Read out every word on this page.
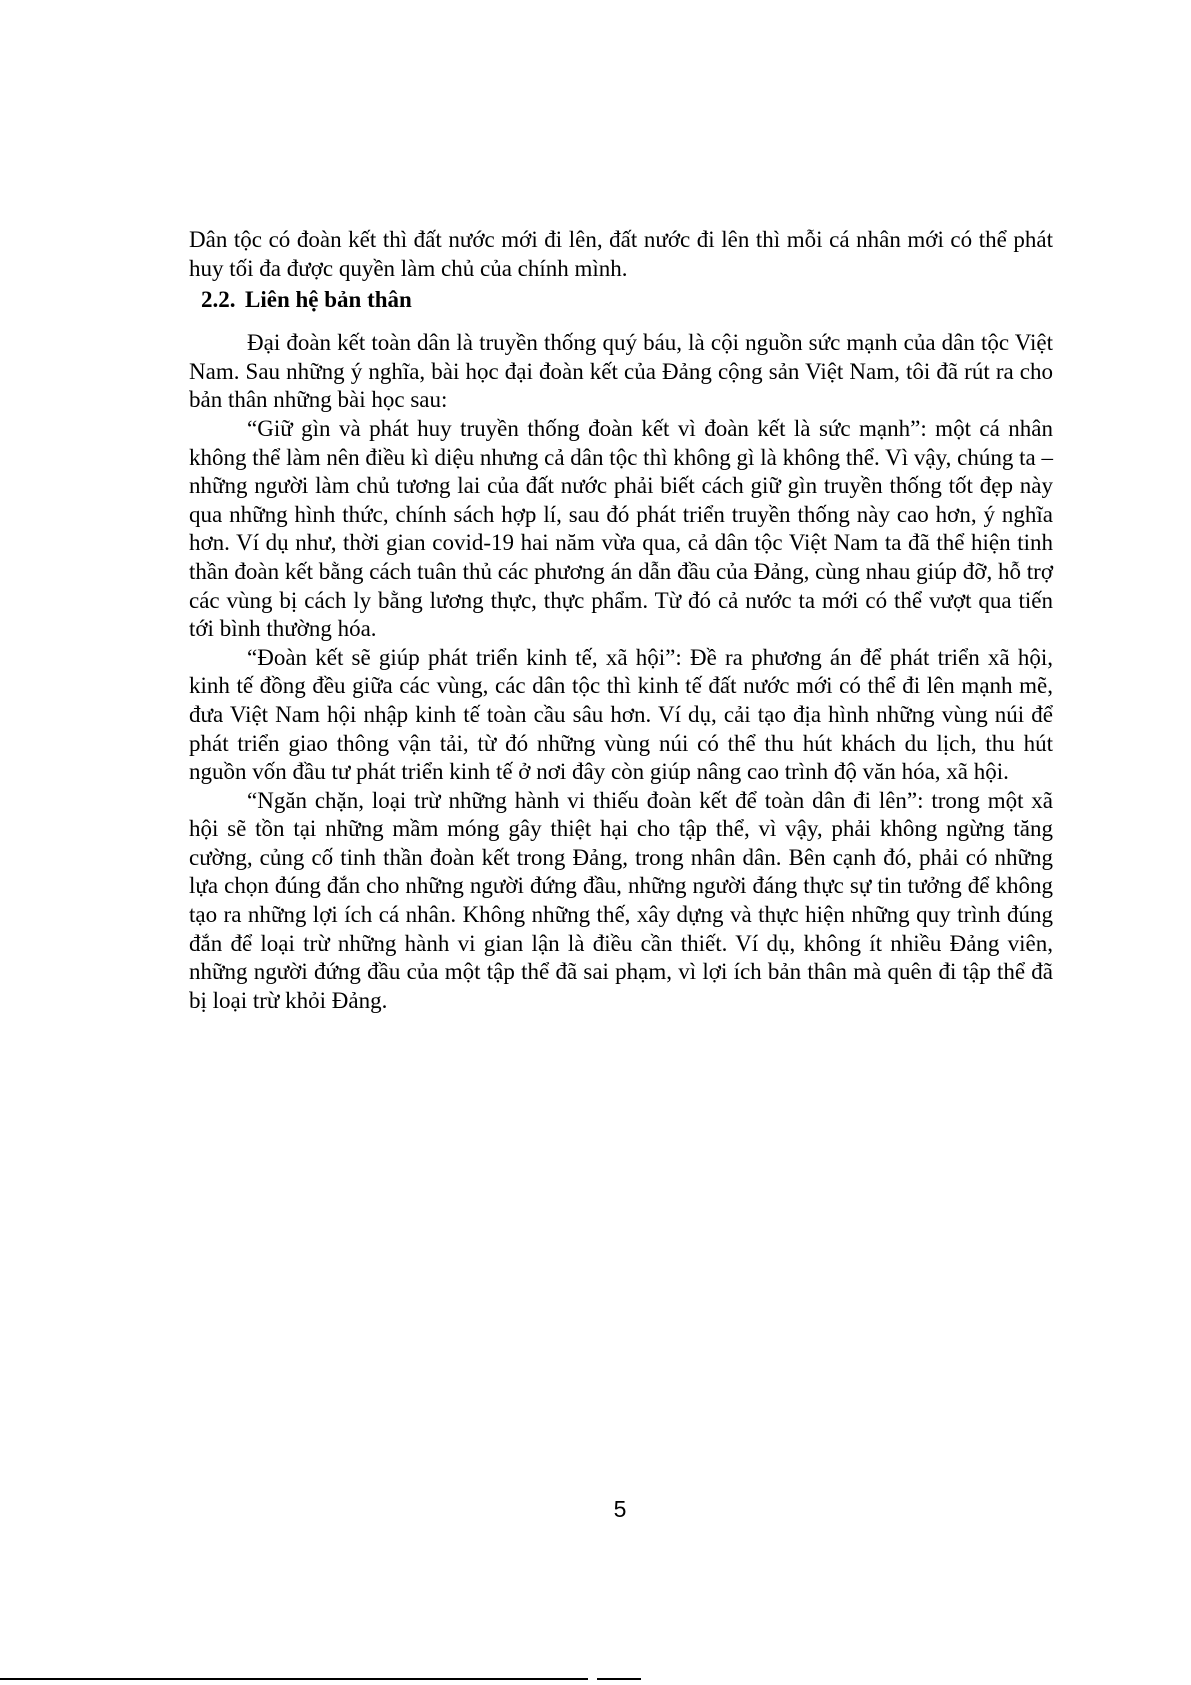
Dân tộc có đoàn kết thì đất nước mới đi lên, đất nước đi lên thì mỗi cá nhân mới có thể phát huy tối đa được quyền làm chủ của chính mình.

2.2. Liên hệ bản thân

Đại đoàn kết toàn dân là truyền thống quý báu, là cội nguồn sức mạnh của dân tộc Việt Nam. Sau những ý nghĩa, bài học đại đoàn kết của Đảng cộng sản Việt Nam, tôi đã rút ra cho bản thân những bài học sau:

“Giữ gìn và phát huy truyền thống đoàn kết vì đoàn kết là sức mạnh”: một cá nhân không thể làm nên điều kì diệu nhưng cả dân tộc thì không gì là không thể. Vì vậy, chúng ta – những người làm chủ tương lai của đất nước phải biết cách giữ gìn truyền thống tốt đẹp này qua những hình thức, chính sách hợp lí, sau đó phát triển truyền thống này cao hơn, ý nghĩa hơn. Ví dụ như, thời gian covid-19 hai năm vừa qua, cả dân tộc Việt Nam ta đã thể hiện tinh thần đoàn kết bằng cách tuân thủ các phương án dẫn đầu của Đảng, cùng nhau giúp đỡ, hỗ trợ các vùng bị cách ly bằng lương thực, thực phẩm. Từ đó cả nước ta mới có thể vượt qua tiến tới bình thường hóa.

“Đoàn kết sẽ giúp phát triển kinh tế, xã hội”: Đề ra phương án để phát triển xã hội, kinh tế đồng đều giữa các vùng, các dân tộc thì kinh tế đất nước mới có thể đi lên mạnh mẽ, đưa Việt Nam hội nhập kinh tế toàn cầu sâu hơn. Ví dụ, cải tạo địa hình những vùng núi để phát triển giao thông vận tải, từ đó những vùng núi có thể thu hút khách du lịch, thu hút nguồn vốn đầu tư phát triển kinh tế ở nơi đây còn giúp nâng cao trình độ văn hóa, xã hội.

“Ngăn chặn, loại trừ những hành vi thiếu đoàn kết để toàn dân đi lên”: trong một xã hội sẽ tồn tại những mầm móng gây thiệt hại cho tập thể, vì vậy, phải không ngừng tăng cường, củng cố tinh thần đoàn kết trong Đảng, trong nhân dân. Bên cạnh đó, phải có những lựa chọn đúng đắn cho những người đứng đầu, những người đáng thực sự tin tưởng để không tạo ra những lợi ích cá nhân. Không những thế, xây dựng và thực hiện những quy trình đúng đắn để loại trừ những hành vi gian lận là điều cần thiết. Ví dụ, không ít nhiều Đảng viên, những người đứng đầu của một tập thể đã sai phạm, vì lợi ích bản thân mà quên đi tập thể đã bị loại trừ khỏi Đảng.

5
